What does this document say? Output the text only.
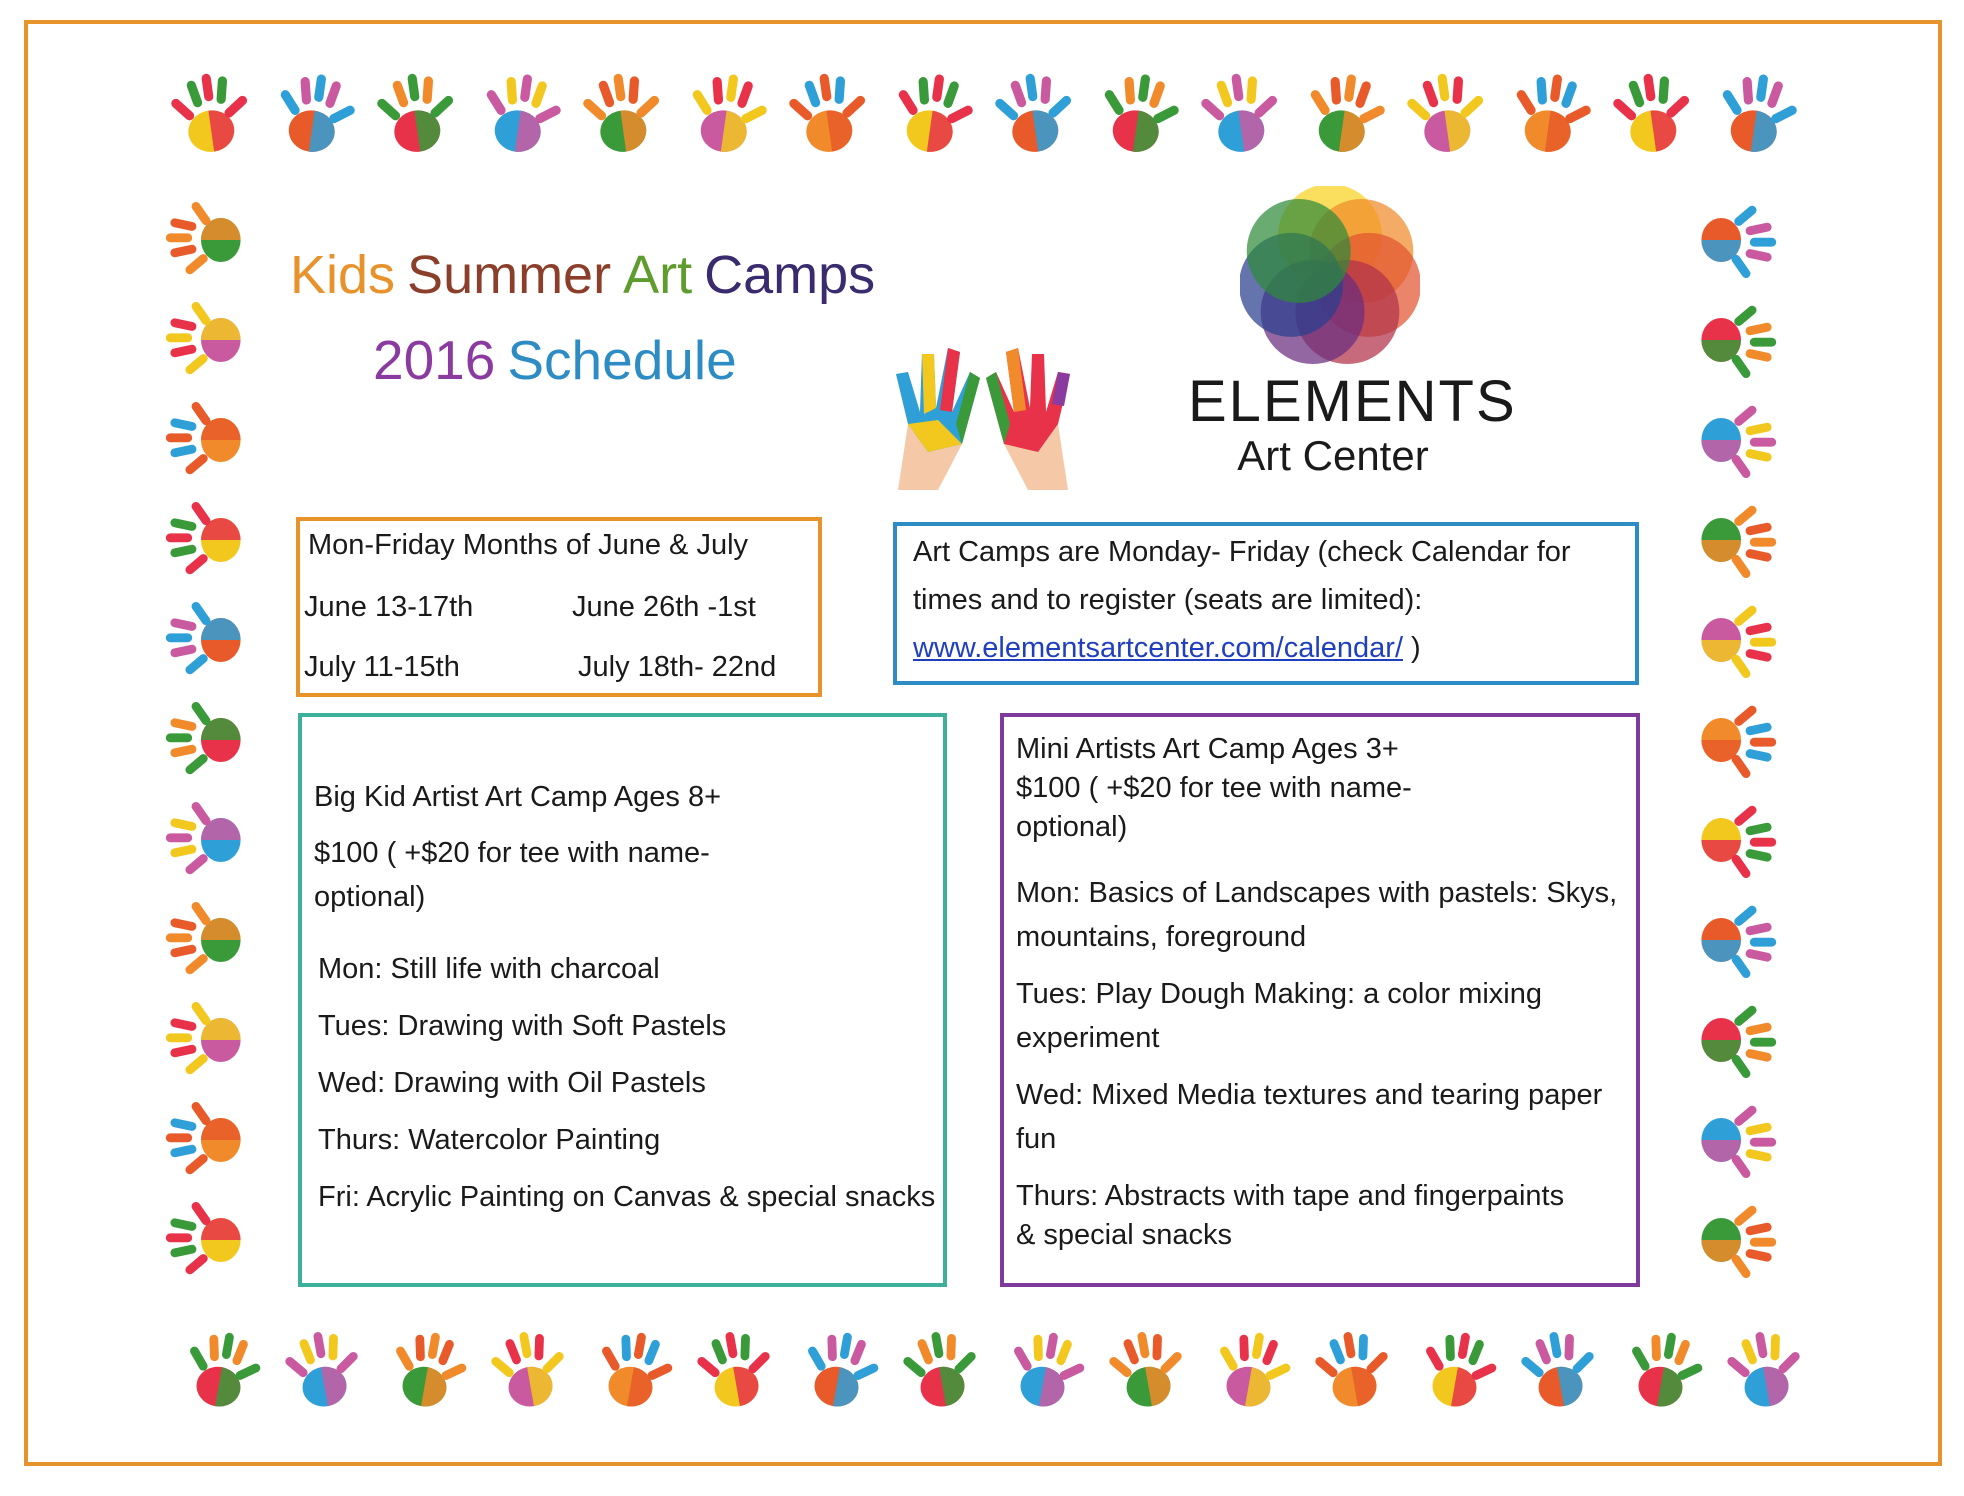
Kids Summer Art Camps
2016 Schedule
ELEMENTS
Art Center
Mon-Friday Months of June & July
June 13-17th	June 26th -1st
July 11-15th	July 18th- 22nd
Art Camps are Monday- Friday (check Calendar for
times and to register (seats are limited):
www.elementsartcenter.com/calendar/ )
Big Kid Artist Art Camp Ages 8+
$100 ( +$20 for tee with name-
optional)
Mon: Still life with charcoal
Tues: Drawing with Soft Pastels
Wed: Drawing with Oil Pastels
Thurs: Watercolor Painting
Fri: Acrylic Painting on Canvas & special snacks
Mini Artists Art Camp Ages 3+
$100 ( +$20 for tee with name-
optional)
Mon: Basics of Landscapes with pastels: Skys,
mountains, foreground
Tues: Play Dough Making: a color mixing
experiment
Wed: Mixed Media textures and tearing paper
fun
Thurs: Abstracts with tape and fingerpaints
& special snacks
